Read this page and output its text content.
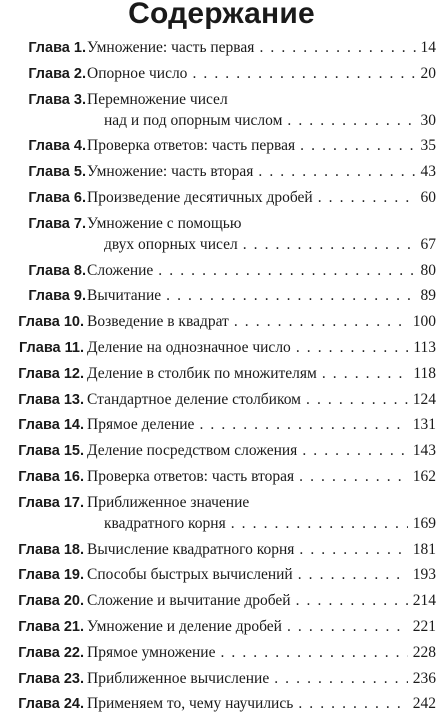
Содержание
Глава 1. Умножение: часть первая . . .	14
Глава 2. Опорное число . . .	20
Глава 3. Перемножение чисел
над и под опорным числом . . .	30
Глава 4. Проверка ответов: часть первая . . .	35
Глава 5. Умножение: часть вторая . . .	43
Глава 6. Произведение десятичных дробей . . .	60
Глава 7. Умножение с помощью
двух опорных чисел . . .	67
Глава 8. Сложение . . .	80
Глава 9. Вычитание . . .	89
Глава 10. Возведение в квадрат . . .	100
Глава 11. Деление на однозначное число . . .	113
Глава 12. Деление в столбик по множителям . . .	118
Глава 13. Стандартное деление столбиком . . .	124
Глава 14. Прямое деление . . .	131
Глава 15. Деление посредством сложения . . .	143
Глава 16. Проверка ответов: часть вторая . . .	162
Глава 17. Приближенное значение
квадратного корня . . .	169
Глава 18. Вычисление квадратного корня . . .	181
Глава 19. Способы быстрых вычислений . . .	193
Глава 20. Сложение и вычитание дробей . . .	214
Глава 21. Умножение и деление дробей . . .	221
Глава 22. Прямое умножение . . .	228
Глава 23. Приближенное вычисление . . .	236
Глава 24. Применяем то, чему научились . . .	242
